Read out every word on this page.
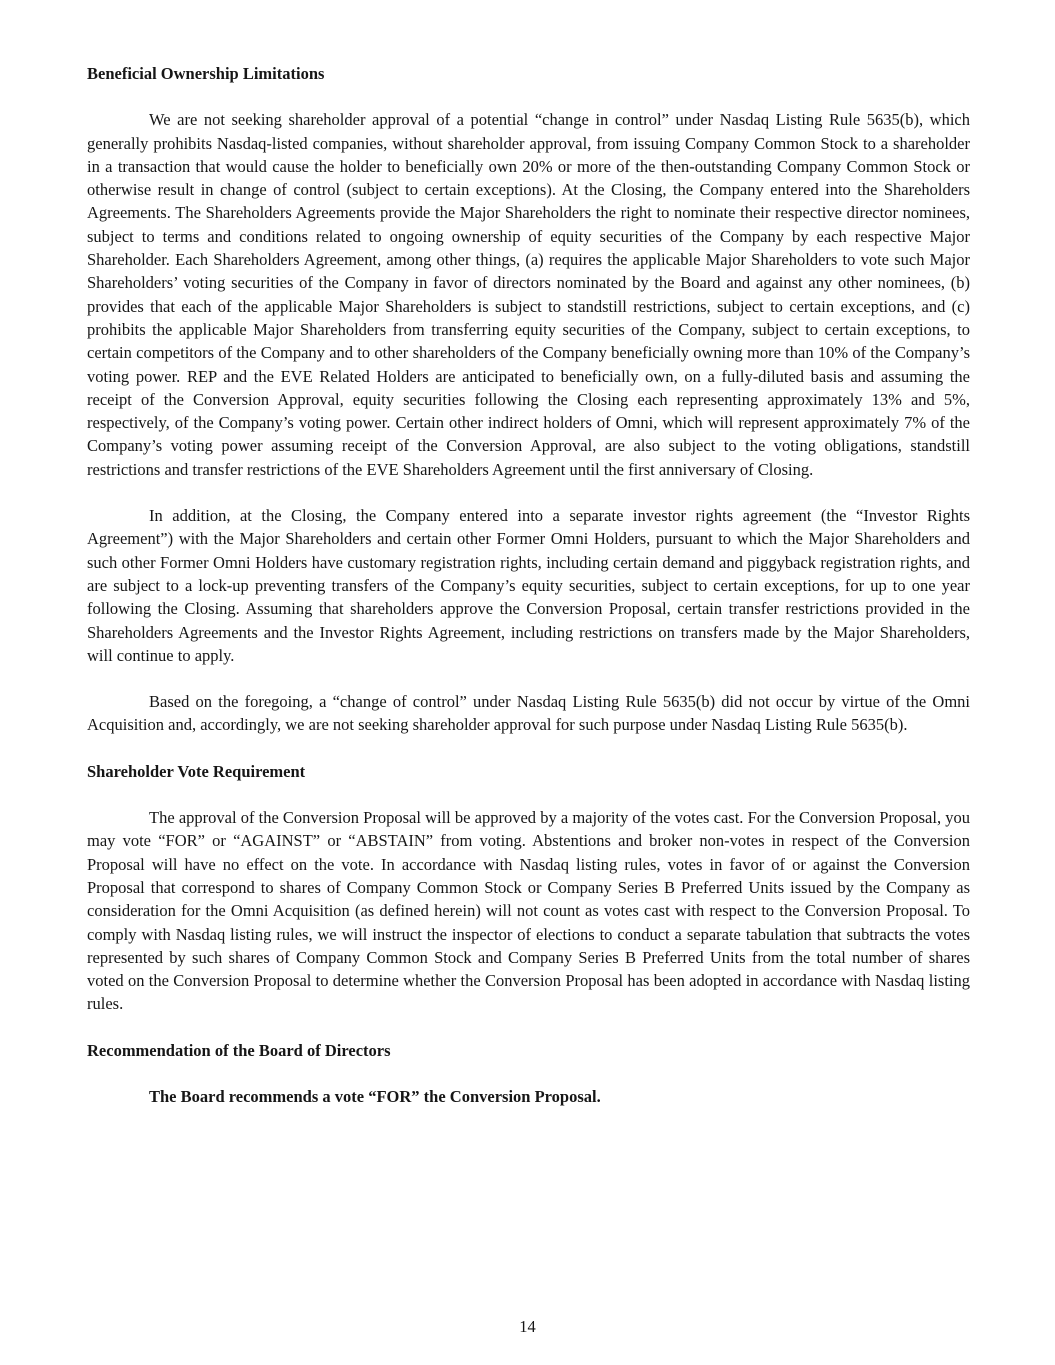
Beneficial Ownership Limitations

We are not seeking shareholder approval of a potential “change in control” under Nasdaq Listing Rule 5635(b), which generally prohibits Nasdaq-listed companies, without shareholder approval, from issuing Company Common Stock to a shareholder in a transaction that would cause the holder to beneficially own 20% or more of the then-outstanding Company Common Stock or otherwise result in change of control (subject to certain exceptions). At the Closing, the Company entered into the Shareholders Agreements. The Shareholders Agreements provide the Major Shareholders the right to nominate their respective director nominees, subject to terms and conditions related to ongoing ownership of equity securities of the Company by each respective Major Shareholder. Each Shareholders Agreement, among other things, (a) requires the applicable Major Shareholders to vote such Major Shareholders’ voting securities of the Company in favor of directors nominated by the Board and against any other nominees, (b) provides that each of the applicable Major Shareholders is subject to standstill restrictions, subject to certain exceptions, and (c) prohibits the applicable Major Shareholders from transferring equity securities of the Company, subject to certain exceptions, to certain competitors of the Company and to other shareholders of the Company beneficially owning more than 10% of the Company’s voting power. REP and the EVE Related Holders are anticipated to beneficially own, on a fully-diluted basis and assuming the receipt of the Conversion Approval, equity securities following the Closing each representing approximately 13% and 5%, respectively, of the Company’s voting power. Certain other indirect holders of Omni, which will represent approximately 7% of the Company’s voting power assuming receipt of the Conversion Approval, are also subject to the voting obligations, standstill restrictions and transfer restrictions of the EVE Shareholders Agreement until the first anniversary of Closing.

In addition, at the Closing, the Company entered into a separate investor rights agreement (the “Investor Rights Agreement”) with the Major Shareholders and certain other Former Omni Holders, pursuant to which the Major Shareholders and such other Former Omni Holders have customary registration rights, including certain demand and piggyback registration rights, and are subject to a lock-up preventing transfers of the Company’s equity securities, subject to certain exceptions, for up to one year following the Closing. Assuming that shareholders approve the Conversion Proposal, certain transfer restrictions provided in the Shareholders Agreements and the Investor Rights Agreement, including restrictions on transfers made by the Major Shareholders, will continue to apply.

Based on the foregoing, a “change of control” under Nasdaq Listing Rule 5635(b) did not occur by virtue of the Omni Acquisition and, accordingly, we are not seeking shareholder approval for such purpose under Nasdaq Listing Rule 5635(b).

Shareholder Vote Requirement

The approval of the Conversion Proposal will be approved by a majority of the votes cast. For the Conversion Proposal, you may vote “FOR” or “AGAINST” or “ABSTAIN” from voting. Abstentions and broker non-votes in respect of the Conversion Proposal will have no effect on the vote. In accordance with Nasdaq listing rules, votes in favor of or against the Conversion Proposal that correspond to shares of Company Common Stock or Company Series B Preferred Units issued by the Company as consideration for the Omni Acquisition (as defined herein) will not count as votes cast with respect to the Conversion Proposal. To comply with Nasdaq listing rules, we will instruct the inspector of elections to conduct a separate tabulation that subtracts the votes represented by such shares of Company Common Stock and Company Series B Preferred Units from the total number of shares voted on the Conversion Proposal to determine whether the Conversion Proposal has been adopted in accordance with Nasdaq listing rules.

Recommendation of the Board of Directors

The Board recommends a vote “FOR” the Conversion Proposal.

14
